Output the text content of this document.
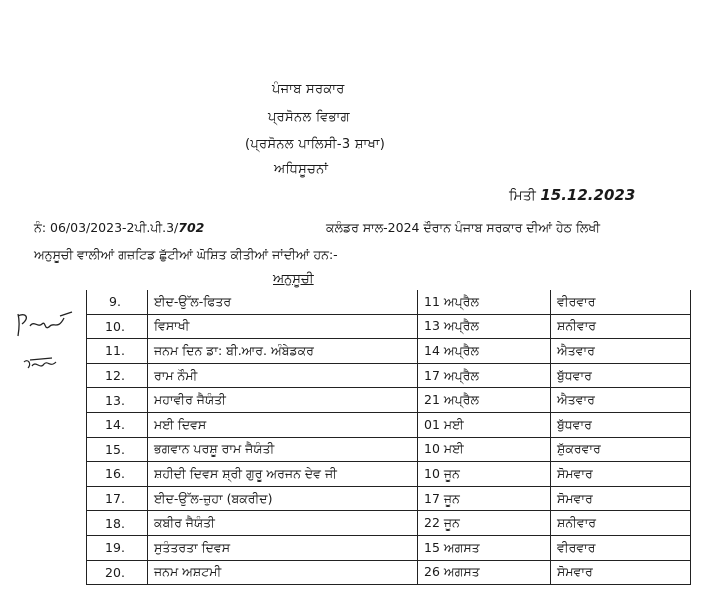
ਪੰਜਾਬ ਸਰਕਾਰ
ਪ੍ਰਸੋਨਲ ਵਿਭਾਗ
(ਪ੍ਰਸੋਨਲ ਪਾਲਿਸੀ-3 ਸ਼ਾਖਾ)
ਅਧਿਸੂਚਨਾਂ
ਮਿਤੀ 15.12.2023
ਨੰ: 06/03/2023-2ਪੀ.ਪੀ.3/702	ਕਲੰਡਰ ਸਾਲ-2024 ਦੌਰਾਨ ਪੰਜਾਬ ਸਰਕਾਰ ਦੀਆਂ ਹੇਠ ਲਿਖੀ
ਅਨੁਸੂਚੀ ਵਾਲੀਆਂ ਗਜ਼ਟਿਡ ਛੁੱਟੀਆਂ ਘੋਸ਼ਿਤ ਕੀਤੀਆਂ ਜਾਂਦੀਆਂ ਹਨ:-
ਅਨੁਸੂਚੀ
9.	ਈਦ-ਉੱਲ-ਫਿਤਰ	11 ਅਪ੍ਰੈਲ	ਵੀਰਵਾਰ
10.	ਵਿਸਾਖੀ	13 ਅਪ੍ਰੈਲ	ਸ਼ਨੀਵਾਰ
11.	ਜਨਮ ਦਿਨ ਡਾ: ਬੀ.ਆਰ. ਅੰਬੇਡਕਰ	14 ਅਪ੍ਰੈਲ	ਐਤਵਾਰ
12.	ਰਾਮ ਨੌਮੀ	17 ਅਪ੍ਰੈਲ	ਬੁੱਧਵਾਰ
13.	ਮਹਾਵੀਰ ਜੈਯੰਤੀ	21 ਅਪ੍ਰੈਲ	ਐਤਵਾਰ
14.	ਮਈ ਦਿਵਸ	01 ਮਈ	ਬੁੱਧਵਾਰ
15.	ਭਗਵਾਨ ਪਰਸ਼ੂ ਰਾਮ ਜੈਯੰਤੀ	10 ਮਈ	ਸ਼ੁੱਕਰਵਾਰ
16.	ਸ਼ਹੀਦੀ ਦਿਵਸ ਸ਼੍ਰੀ ਗੁਰੂ ਅਰਜਨ ਦੇਵ ਜੀ	10 ਜੂਨ	ਸੋਮਵਾਰ
17.	ਈਦ-ਉੱਲ-ਜ਼ੁਹਾ (ਬਕਰੀਦ)	17 ਜੂਨ	ਸੋਮਵਾਰ
18.	ਕਬੀਰ ਜੈਯੰਤੀ	22 ਜੂਨ	ਸ਼ਨੀਵਾਰ
19.	ਸੁਤੰਤਰਤਾ ਦਿਵਸ	15 ਅਗਸਤ	ਵੀਰਵਾਰ
20.	ਜਨਮ ਅਸ਼ਟਮੀ	26 ਅਗਸਤ	ਸੋਮਵਾਰ
